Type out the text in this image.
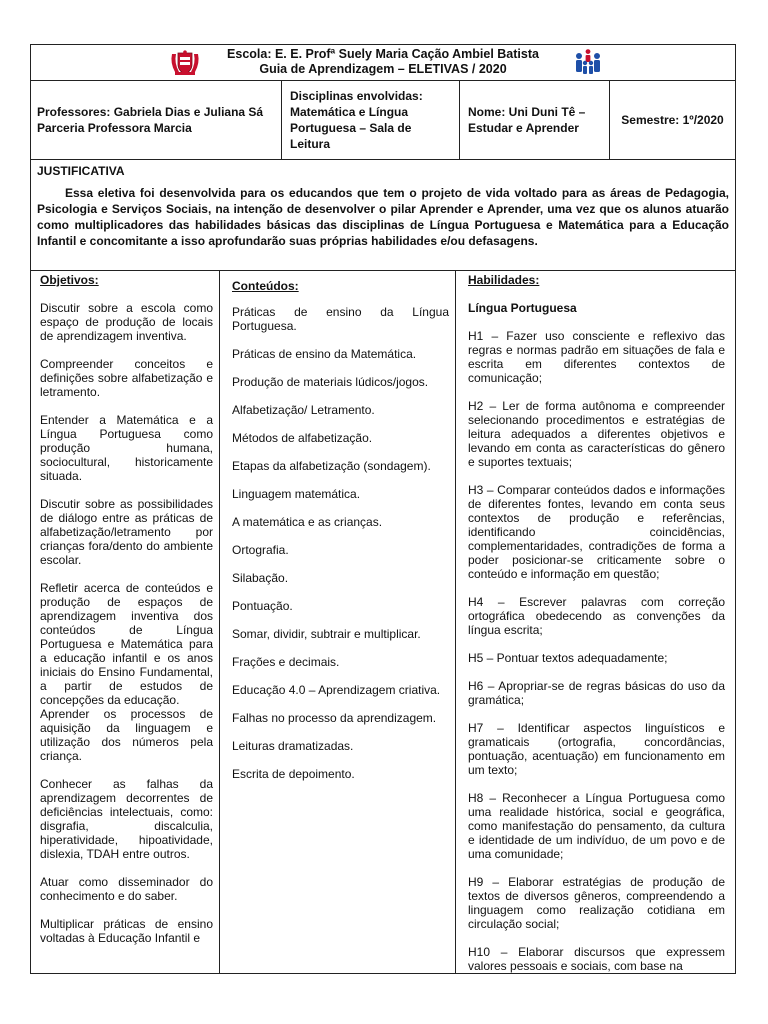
Escola: E. E. Profª Suely Maria Cação Ambiel Batista
Guia de Aprendizagem – ELETIVAS / 2020
Professores: Gabriela Dias e Juliana Sá Parceria Professora Marcia
Disciplinas envolvidas: Matemática e Língua Portuguesa – Sala de Leitura
Nome: Uni Duni Tê – Estudar e Aprender
Semestre: 1º/2020
JUSTIFICATIVA
Essa eletiva foi desenvolvida para os educandos que tem o projeto de vida voltado para as áreas de Pedagogia, Psicologia e Serviços Sociais, na intenção de desenvolver o pilar Aprender e Aprender, uma vez que os alunos atuarão como multiplicadores das habilidades básicas das disciplinas de Língua Portuguesa e Matemática para a Educação Infantil e concomitante a isso aprofundarão suas próprias habilidades e/ou defasagens.
Objetivos:

Discutir sobre a escola como espaço de produção de locais de aprendizagem inventiva.

Compreender conceitos e definições sobre alfabetização e letramento.

Entender a Matemática e a Língua Portuguesa como produção humana, sociocultural, historicamente situada.

Discutir sobre as possibilidades de diálogo entre as práticas de alfabetização/letramento por crianças fora/dento do ambiente escolar.

Refletir acerca de conteúdos e produção de espaços de aprendizagem inventiva dos conteúdos de Língua Portuguesa e Matemática para a educação infantil e os anos iniciais do Ensino Fundamental, a partir de estudos de concepções da educação.

Aprender os processos de aquisição da linguagem e utilização dos números pela criança.

Conhecer as falhas da aprendizagem decorrentes de deficiências intelectuais, como: disgrafia, discalculia, hiperatividade, hipoatividade, dislexia, TDAH entre outros.

Atuar como disseminador do conhecimento e do saber.

Multiplicar práticas de ensino voltadas à Educação Infantil e

Conteúdos:

Práticas de ensino da Língua Portuguesa.

Práticas de ensino da Matemática.

Produção de materiais lúdicos/jogos.

Alfabetização/ Letramento.

Métodos de alfabetização.

Etapas da alfabetização (sondagem).

Linguagem matemática.

A matemática e as crianças.

Ortografia.

Silabação.

Pontuação.

Somar, dividir, subtrair e multiplicar.

Frações e decimais.

Educação 4.0 – Aprendizagem criativa.

Falhas no processo da aprendizagem.

Leituras dramatizadas.

Escrita de depoimento.

Habilidades:
Língua Portuguesa

H1 – Fazer uso consciente e reflexivo das regras e normas padrão em situações de fala e escrita em diferentes contextos de comunicação;

H2 – Ler de forma autônoma e compreender selecionando procedimentos e estratégias de leitura adequados a diferentes objetivos e levando em conta as características do gênero e suportes textuais;

H3 – Comparar conteúdos dados e informações de diferentes fontes, levando em conta seus contextos de produção e referências, identificando coincidências, complementaridades, contradições de forma a poder posicionar-se criticamente sobre o conteúdo e informação em questão;

H4 – Escrever palavras com correção ortográfica obedecendo as convenções da língua escrita;

H5 – Pontuar textos adequadamente;

H6 – Apropriar-se de regras básicas do uso da gramática;

H7 – Identificar aspectos linguísticos e gramaticais (ortografia, concordâncias, pontuação, acentuação) em funcionamento em um texto;

H8 – Reconhecer a Língua Portuguesa como uma realidade histórica, social e geográfica, como manifestação do pensamento, da cultura e identidade de um indivíduo, de um povo e de uma comunidade;

H9 – Elaborar estratégias de produção de textos de diversos gêneros, compreendendo a linguagem como realização cotidiana em circulação social;

H10 – Elaborar discursos que expressem valores pessoais e sociais, com base na
